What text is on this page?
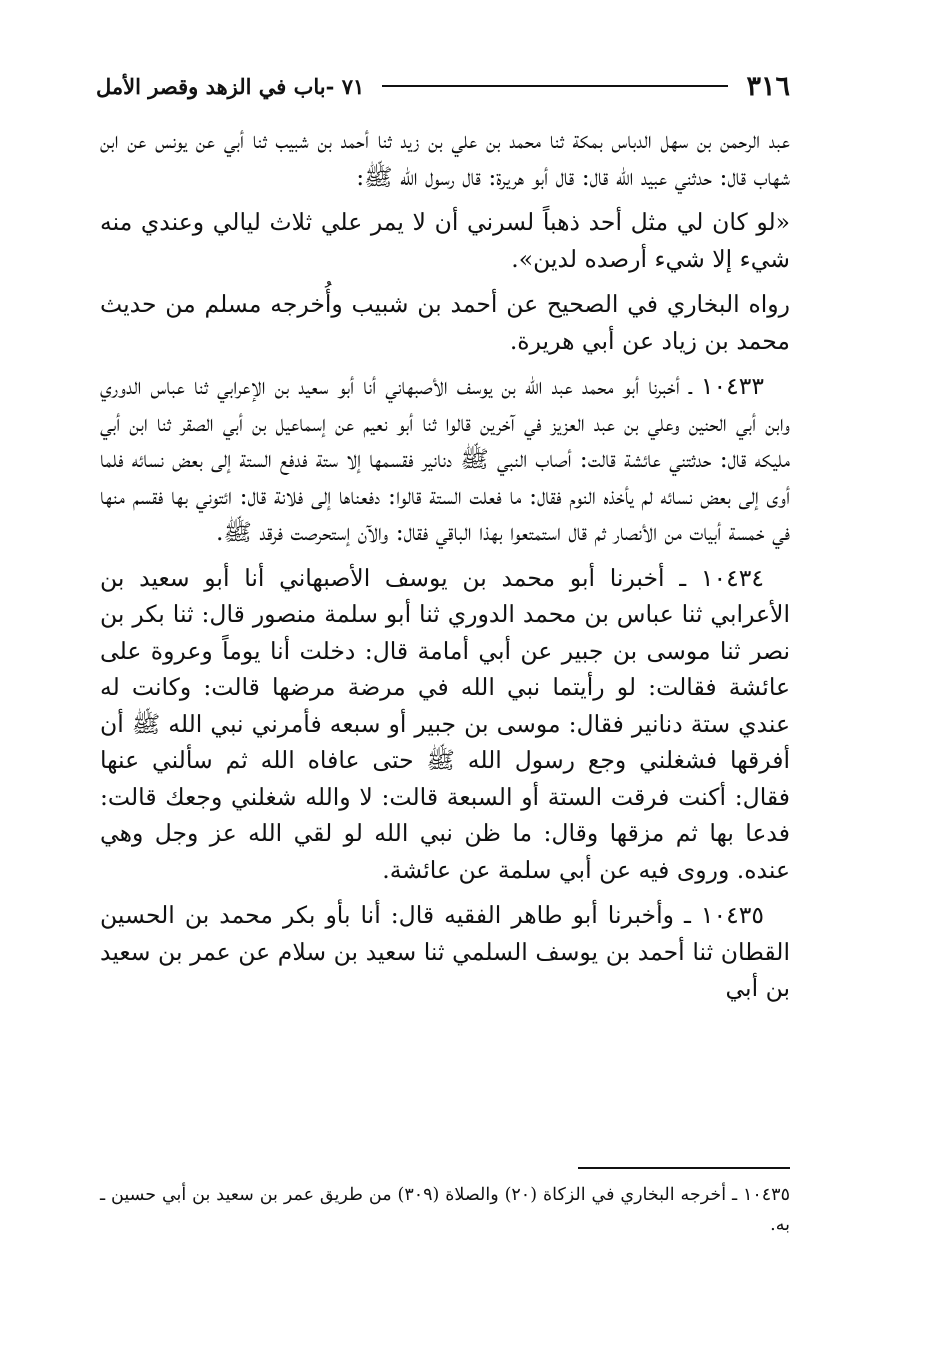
٣١٦
٧١ -باب في الزهد وقصر الأمل

عبد الرحمن بن سهل الدباس بمكة ثنا محمد بن علي بن زيد ثنا أحمد بن شبيب ثنا أبي عن يونس عن ابن شهاب قال: حدثني عبيد الله قال: قال أبو هريرة: قال رسول الله ﷺ:

«لو كان لي مثل أحد ذهباً لسرني أن لا يمر علي ثلاث ليالي وعندي منه شيء إلا شيء أرصده لدين».

رواه البخاري في الصحيح عن أحمد بن شبيب وأُخرجه مسلم من حديث محمد بن زياد عن أبي هريرة.

١٠٤٣٣ ـ أخبرنا أبو محمد عبد الله بن يوسف الأصبهاني أنا أبو سعيد بن الإعرابي ثنا عباس الدوري وابن أبي الحنين وعلي بن عبد العزيز في آخرين قالوا ثنا أبو نعيم عن إسماعيل بن أبي الصقر ثنا ابن أبي مليكه قال: حدثتني عائشة قالت: أصاب النبي ﷺ دنانير فقسمها إلا ستة فدفع الستة إلى بعض نسائه فلما أوى إلى بعض نسائه لم يأخذه النوم فقال: ما فعلت الستة قالوا: دفعناها إلى فلانة قال: ائتوني بها فقسم منها في خمسة أبيات من الأنصار ثم قال استمتعوا بهذا الباقي فقال: والآن إستحرصت فرقد ﷺ.

١٠٤٣٤ ـ أخبرنا أبو محمد بن يوسف الأصبهاني أنا أبو سعيد بن الأعرابي ثنا عباس بن محمد الدوري ثنا أبو سلمة منصور قال: ثنا بكر بن نصر ثنا موسى بن جبير عن أبي أمامة قال: دخلت أنا يوماً وعروة على عائشة فقالت: لو رأيتما نبي الله في مرضة مرضها قالت: وكانت له عندي ستة دنانير فقال: موسى بن جبير أو سبعه فأمرني نبي الله ﷺ أن أفرقها فشغلني وجع رسول الله ﷺ حتى عافاه الله ثم سألني عنها فقال: أكنت فرقت الستة أو السبعة قالت: لا والله شغلني وجعك قالت: فدعا بها ثم مزقها وقال: ما ظن نبي الله لو لقي الله عز وجل وهي عنده. وروى فيه عن أبي سلمة عن عائشة.

١٠٤٣٥ ـ وأخبرنا أبو طاهر الفقيه قال: أنا بأو بكر محمد بن الحسين القطان ثنا أحمد بن يوسف السلمي ثنا سعيد بن سلام عن عمر بن سعيد بن أبي

١٠٤٣٥ ـ أخرجه البخاري في الزكاة (٢٠) والصلاة (٣٠٩) من طريق عمر بن سعيد بن أبي حسين ـ به.
